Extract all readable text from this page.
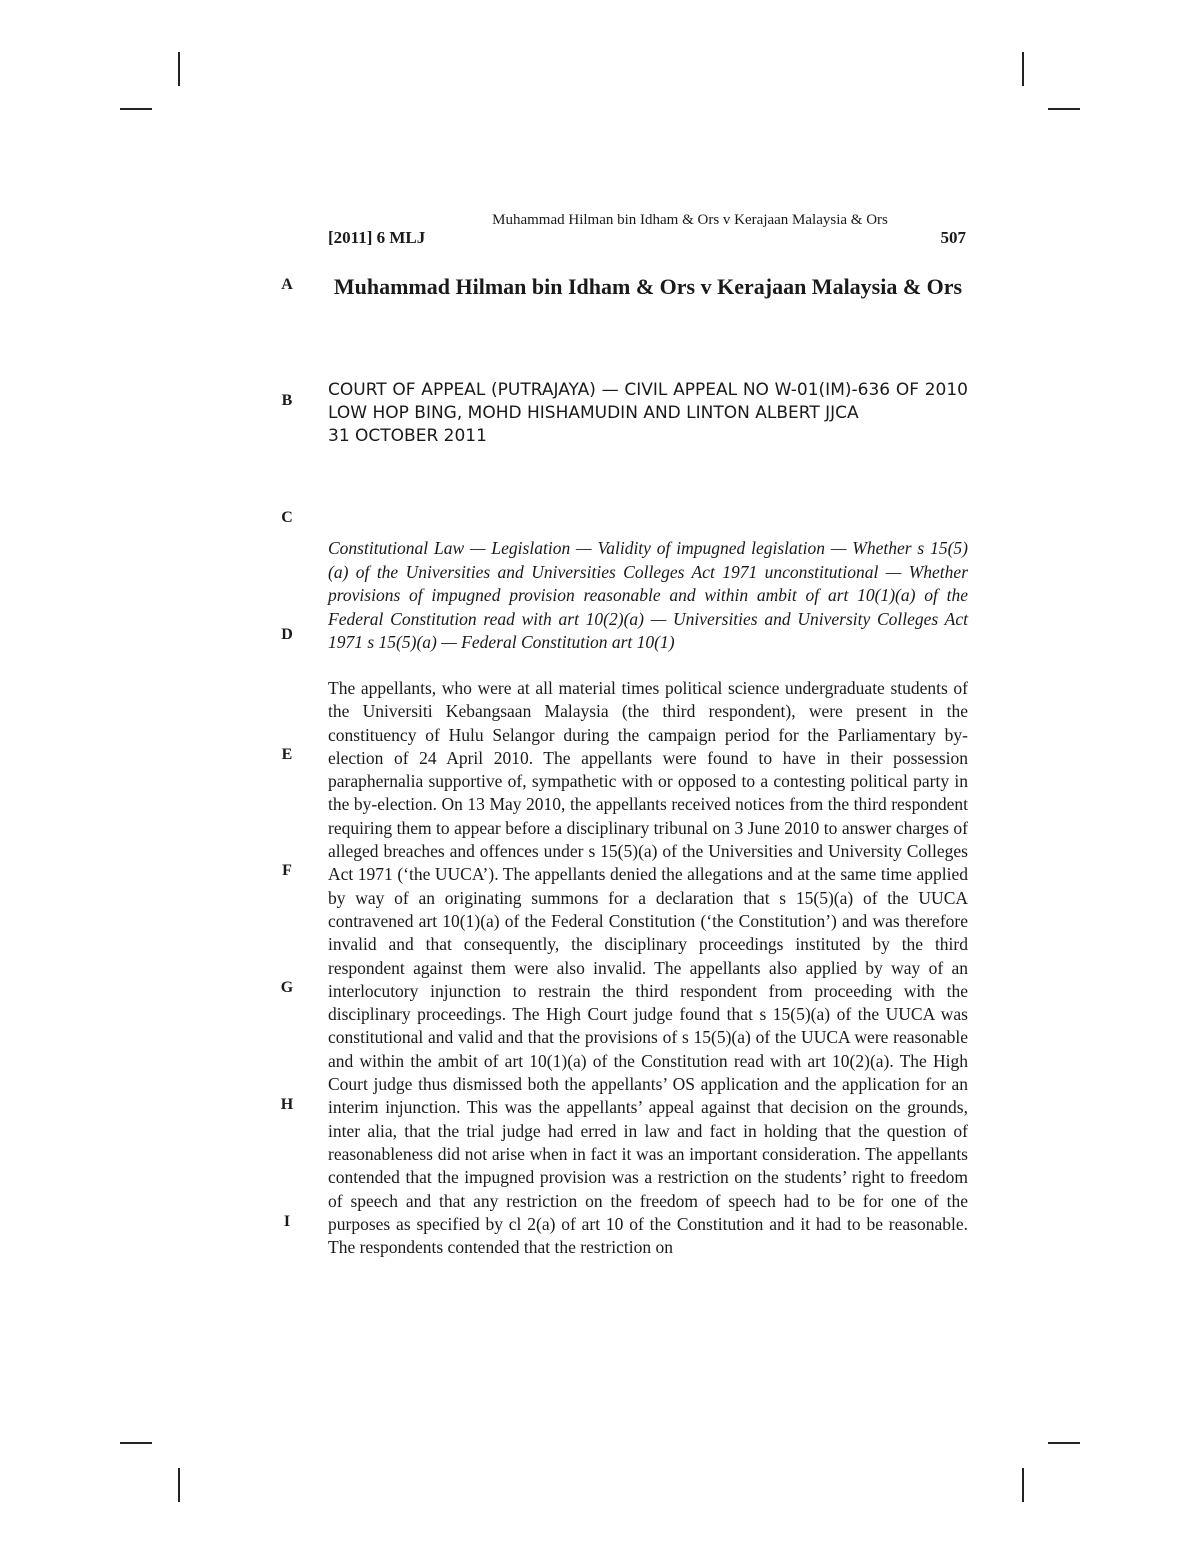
[2011] 6 MLJ
Muhammad Hilman bin Idham & Ors v Kerajaan Malaysia & Ors
507
A
B
C
D
E
F
G
H
I
Muhammad Hilman bin Idham & Ors v Kerajaan Malaysia & Ors
COURT OF APPEAL (PUTRAJAYA) — CIVIL APPEAL NO W-01(IM)-636 OF 2010
LOW HOP BING, MOHD HISHAMUDIN AND LINTON ALBERT JJCA
31 OCTOBER 2011
Constitutional Law — Legislation — Validity of impugned legislation — Whether s 15(5)(a) of the Universities and Universities Colleges Act 1971 unconstitutional — Whether provisions of impugned provision reasonable and within ambit of art 10(1)(a) of the Federal Constitution read with art 10(2)(a) — Universities and University Colleges Act 1971 s 15(5)(a) — Federal Constitution art 10(1)
The appellants, who were at all material times political science undergraduate students of the Universiti Kebangsaan Malaysia (the third respondent), were present in the constituency of Hulu Selangor during the campaign period for the Parliamentary by-election of 24 April 2010. The appellants were found to have in their possession paraphernalia supportive of, sympathetic with or opposed to a contesting political party in the by-election. On 13 May 2010, the appellants received notices from the third respondent requiring them to appear before a disciplinary tribunal on 3 June 2010 to answer charges of alleged breaches and offences under s 15(5)(a) of the Universities and University Colleges Act 1971 (‘the UUCA’). The appellants denied the allegations and at the same time applied by way of an originating summons for a declaration that s 15(5)(a) of the UUCA contravened art 10(1)(a) of the Federal Constitution (‘the Constitution’) and was therefore invalid and that consequently, the disciplinary proceedings instituted by the third respondent against them were also invalid. The appellants also applied by way of an interlocutory injunction to restrain the third respondent from proceeding with the disciplinary proceedings. The High Court judge found that s 15(5)(a) of the UUCA was constitutional and valid and that the provisions of s 15(5)(a) of the UUCA were reasonable and within the ambit of art 10(1)(a) of the Constitution read with art 10(2)(a). The High Court judge thus dismissed both the appellants’ OS application and the application for an interim injunction. This was the appellants’ appeal against that decision on the grounds, inter alia, that the trial judge had erred in law and fact in holding that the question of reasonableness did not arise when in fact it was an important consideration. The appellants contended that the impugned provision was a restriction on the students’ right to freedom of speech and that any restriction on the freedom of speech had to be for one of the purposes as specified by cl 2(a) of art 10 of the Constitution and it had to be reasonable. The respondents contended that the restriction on
